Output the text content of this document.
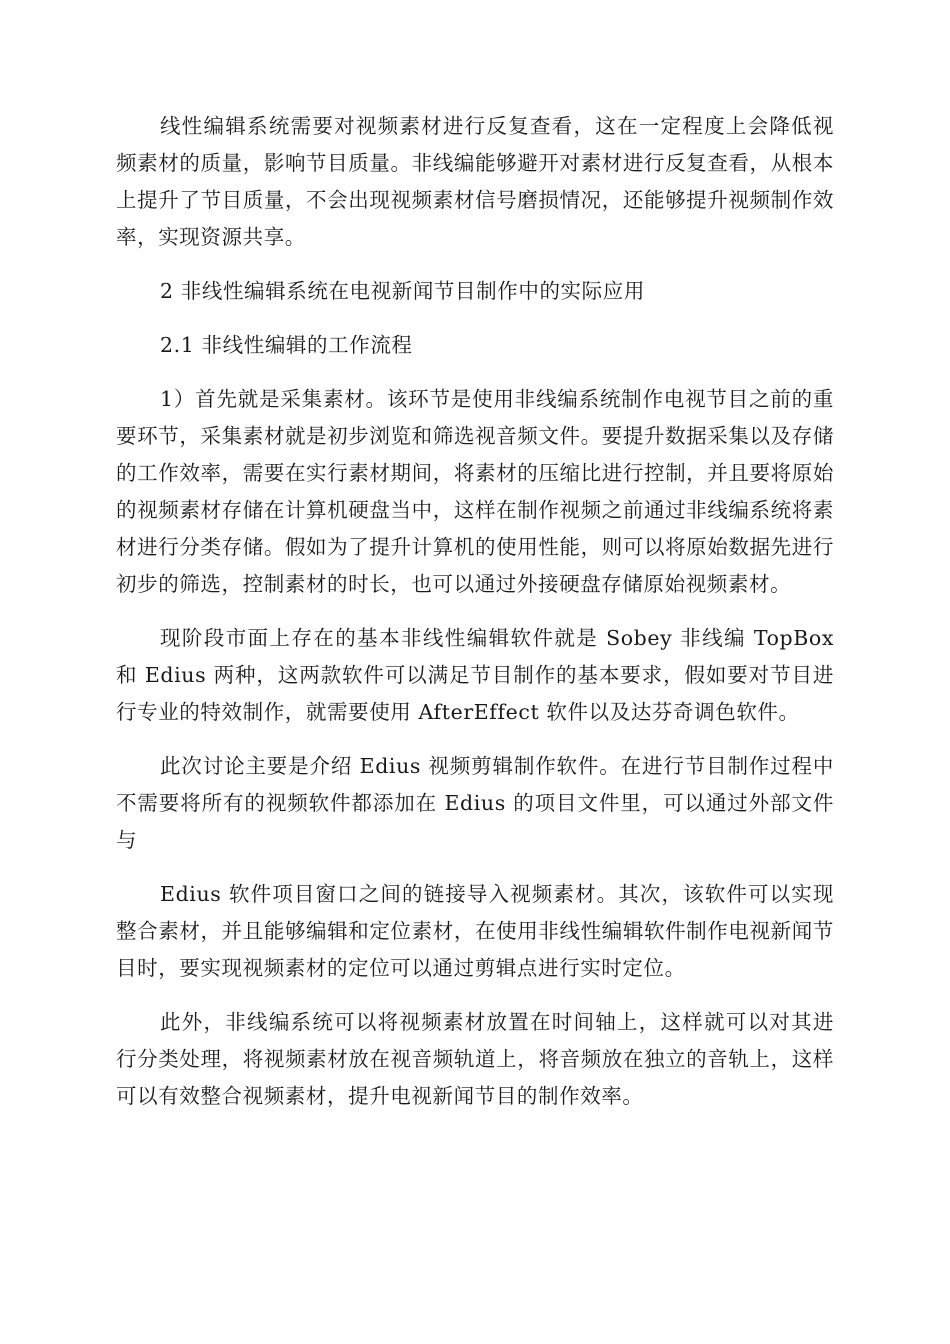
线性编辑系统需要对视频素材进行反复查看，这在一定程度上会降低视频素材的质量，影响节目质量。非线编能够避开对素材进行反复查看，从根本上提升了节目质量，不会出现视频素材信号磨损情况，还能够提升视频制作效率，实现资源共享。

2 非线性编辑系统在电视新闻节目制作中的实际应用

2.1 非线性编辑的工作流程

1）首先就是采集素材。该环节是使用非线编系统制作电视节目之前的重要环节，采集素材就是初步浏览和筛选视音频文件。要提升数据采集以及存储的工作效率，需要在实行素材期间，将素材的压缩比进行控制，并且要将原始的视频素材存储在计算机硬盘当中，这样在制作视频之前通过非线编系统将素材进行分类存储。假如为了提升计算机的使用性能，则可以将原始数据先进行初步的筛选，控制素材的时长，也可以通过外接硬盘存储原始视频素材。

现阶段市面上存在的基本非线性编辑软件就是 Sobey 非线编 TopBox 和 Edius 两种，这两款软件可以满足节目制作的基本要求，假如要对节目进行专业的特效制作，就需要使用 AfterEffect 软件以及达芬奇调色软件。

此次讨论主要是介绍 Edius 视频剪辑制作软件。在进行节目制作过程中不需要将所有的视频软件都添加在 Edius 的项目文件里，可以通过外部文件与

Edius 软件项目窗口之间的链接导入视频素材。其次，该软件可以实现整合素材，并且能够编辑和定位素材，在使用非线性编辑软件制作电视新闻节目时，要实现视频素材的定位可以通过剪辑点进行实时定位。

此外，非线编系统可以将视频素材放置在时间轴上，这样就可以对其进行分类处理，将视频素材放在视音频轨道上，将音频放在独立的音轨上，这样可以有效整合视频素材，提升电视新闻节目的制作效率。
